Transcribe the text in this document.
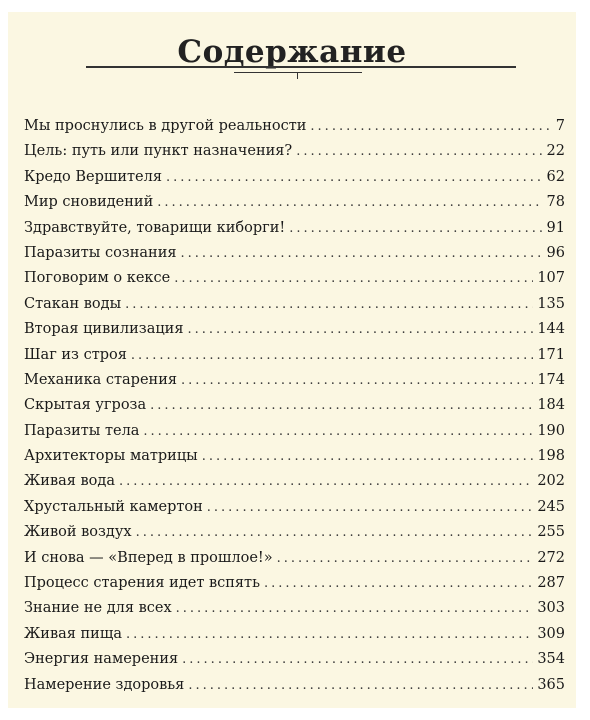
Содержание
Мы проснулись в другой реальности .....	7
Цель: путь или пункт назначения? .....	22
Кредо Вершителя .....	62
Мир сновидений .....	78
Здравствуйте, товарищи киборги! .....	91
Паразиты сознания .....	96
Поговорим о кексе .....	107
Стакан воды .....	135
Вторая цивилизация .....	144
Шаг из строя .....	171
Механика старения .....	174
Скрытая угроза .....	184
Паразиты тела .....	190
Архитекторы матрицы .....	198
Живая вода .....	202
Хрустальный камертон .....	245
Живой воздух .....	255
И снова — «Вперед в прошлое!» .....	272
Процесс старения идет вспять .....	287
Знание не для всех .....	303
Живая пища .....	309
Энергия намерения .....	354
Намерение здоровья .....	365
